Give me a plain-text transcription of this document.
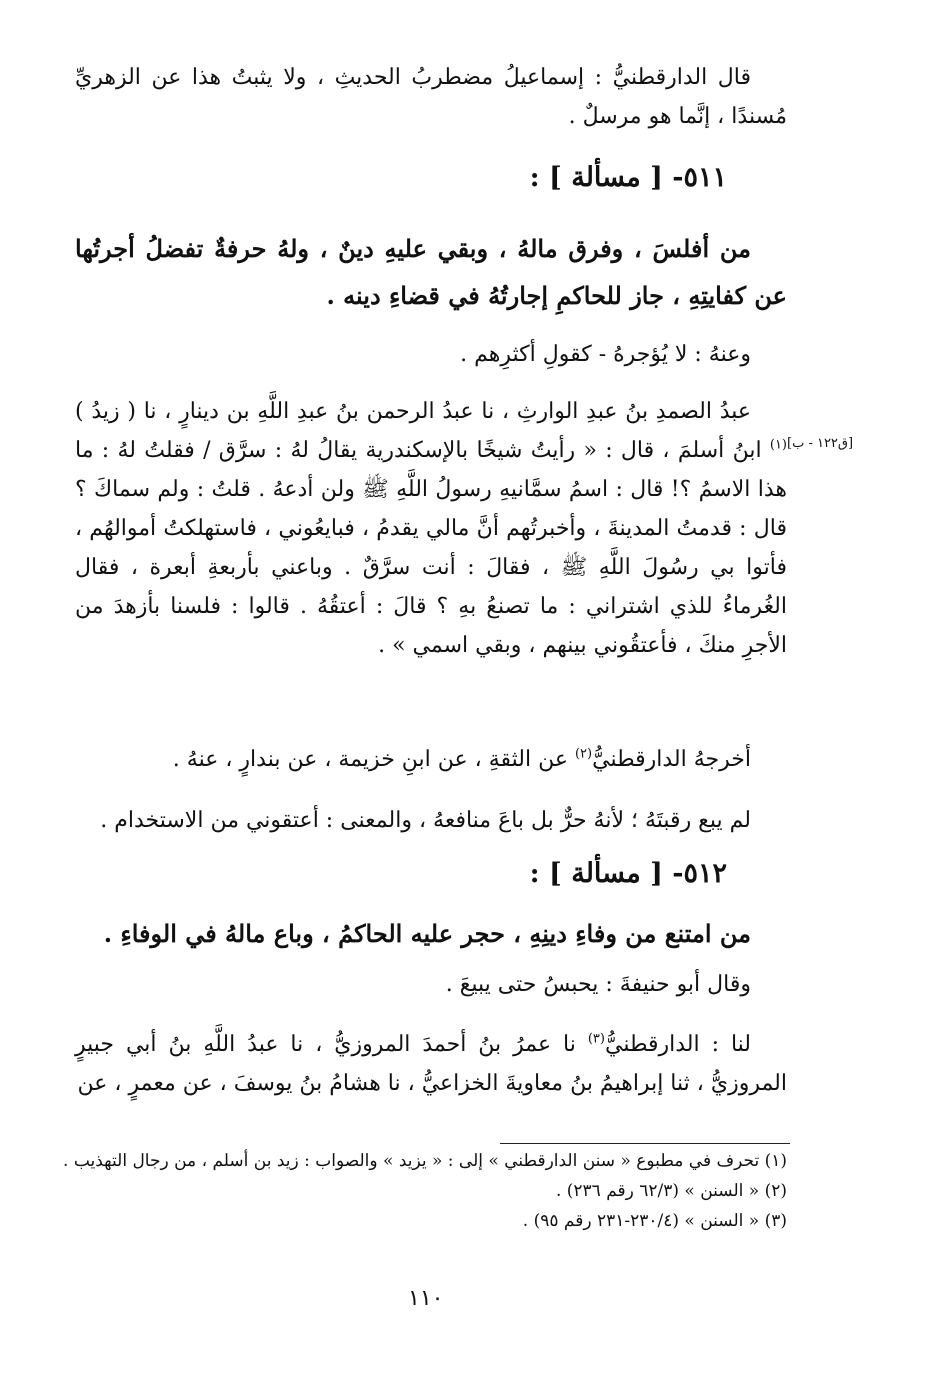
قال الدارقطنيُّ : إسماعيلُ مضطربُ الحديثِ ، ولا يثبتُ هذا عن الزهريِّ مُسندًا ، إنَّما هو مرسلٌ .

٥١١- [ مسألة ] :

من أفلسَ ، وفرق مالهُ ، وبقي عليهِ دينٌ ، ولهُ حرفةٌ تفضلُ أجرتُها عن كفايتِهِ ، جاز للحاكمِ إجارتُهُ في قضاءِ دينه .

وعنهُ : لا يُؤجرهُ - كقولِ أكثرِهم .

عبدُ الصمدِ بنُ عبدِ الوارثِ ، نا عبدُ الرحمن بنُ عبدِ اللَّهِ بن دينارٍ ، نا ( زيدُ )$^{(١)}$ ابنُ أسلمَ ، قال : « رأيتُ شيخًا بالإسكندرية يقالُ لهُ : سرَّق / فقلتُ لهُ : ما هذا الاسمُ ؟! قال : اسمُ سمَّانيهِ رسولُ اللَّهِ ﷺ ولن أدعهُ . قلتُ : ولم سماكَ ؟ قال : قدمتُ المدينةَ ، وأخبرتُهم أنَّ مالي يقدمُ ، فبايعُوني ، فاستهلكتُ أموالهُم ، فأتوا بي رسُولَ اللَّهِ ﷺ ، فقالَ : أنت سرَّقٌ . وباعني بأربعةِ أبعرة ، فقال الغُرماءُ للذي اشتراني : ما تصنعُ بهِ ؟ قالَ : أعتقُهُ . قالوا : فلسنا بأزهدَ من الأجرِ منكَ ، فأعتقُوني بينهم ، وبقي اسمي » .

أخرجهُ الدارقطنيُّ$^{(٢)}$ عن الثقةِ ، عن ابنِ خزيمة ، عن بندارٍ ، عنهُ .

لم يبع رقبتَهُ ؛ لأنهُ حرٌّ بل باعَ منافعهُ ، والمعنى : أعتقوني من الاستخدام .

٥١٢- [ مسألة ] :

من امتنع من وفاءِ دينِهِ ، حجر عليه الحاكمُ ، وباع مالهُ في الوفاءِ .

وقال أبو حنيفةَ : يحبسُ حتى يبيعَ .

لنا : الدارقطنيُّ$^{(٣)}$ نا عمرُ بنُ أحمدَ المروزيُّ ، نا عبدُ اللَّهِ بنُ أبي جبيرٍ المروزيُّ ، ثنا إبراهيمُ بنُ معاويةَ الخزاعيُّ ، نا هشامُ بنُ يوسفَ ، عن معمرٍ ، عن

[ق١٢٢ - ب]

(١) تحرف في مطبوع « سنن الدارقطني » إلى : « يزيد » والصواب : زيد بن أسلم ، من رجال التهذيب .

(٢) « السنن » (٦٢/٣ رقم ٢٣٦) .

(٣) « السنن » (٢٣٠/٤-٢٣١ رقم ٩٥) .

١١٠
